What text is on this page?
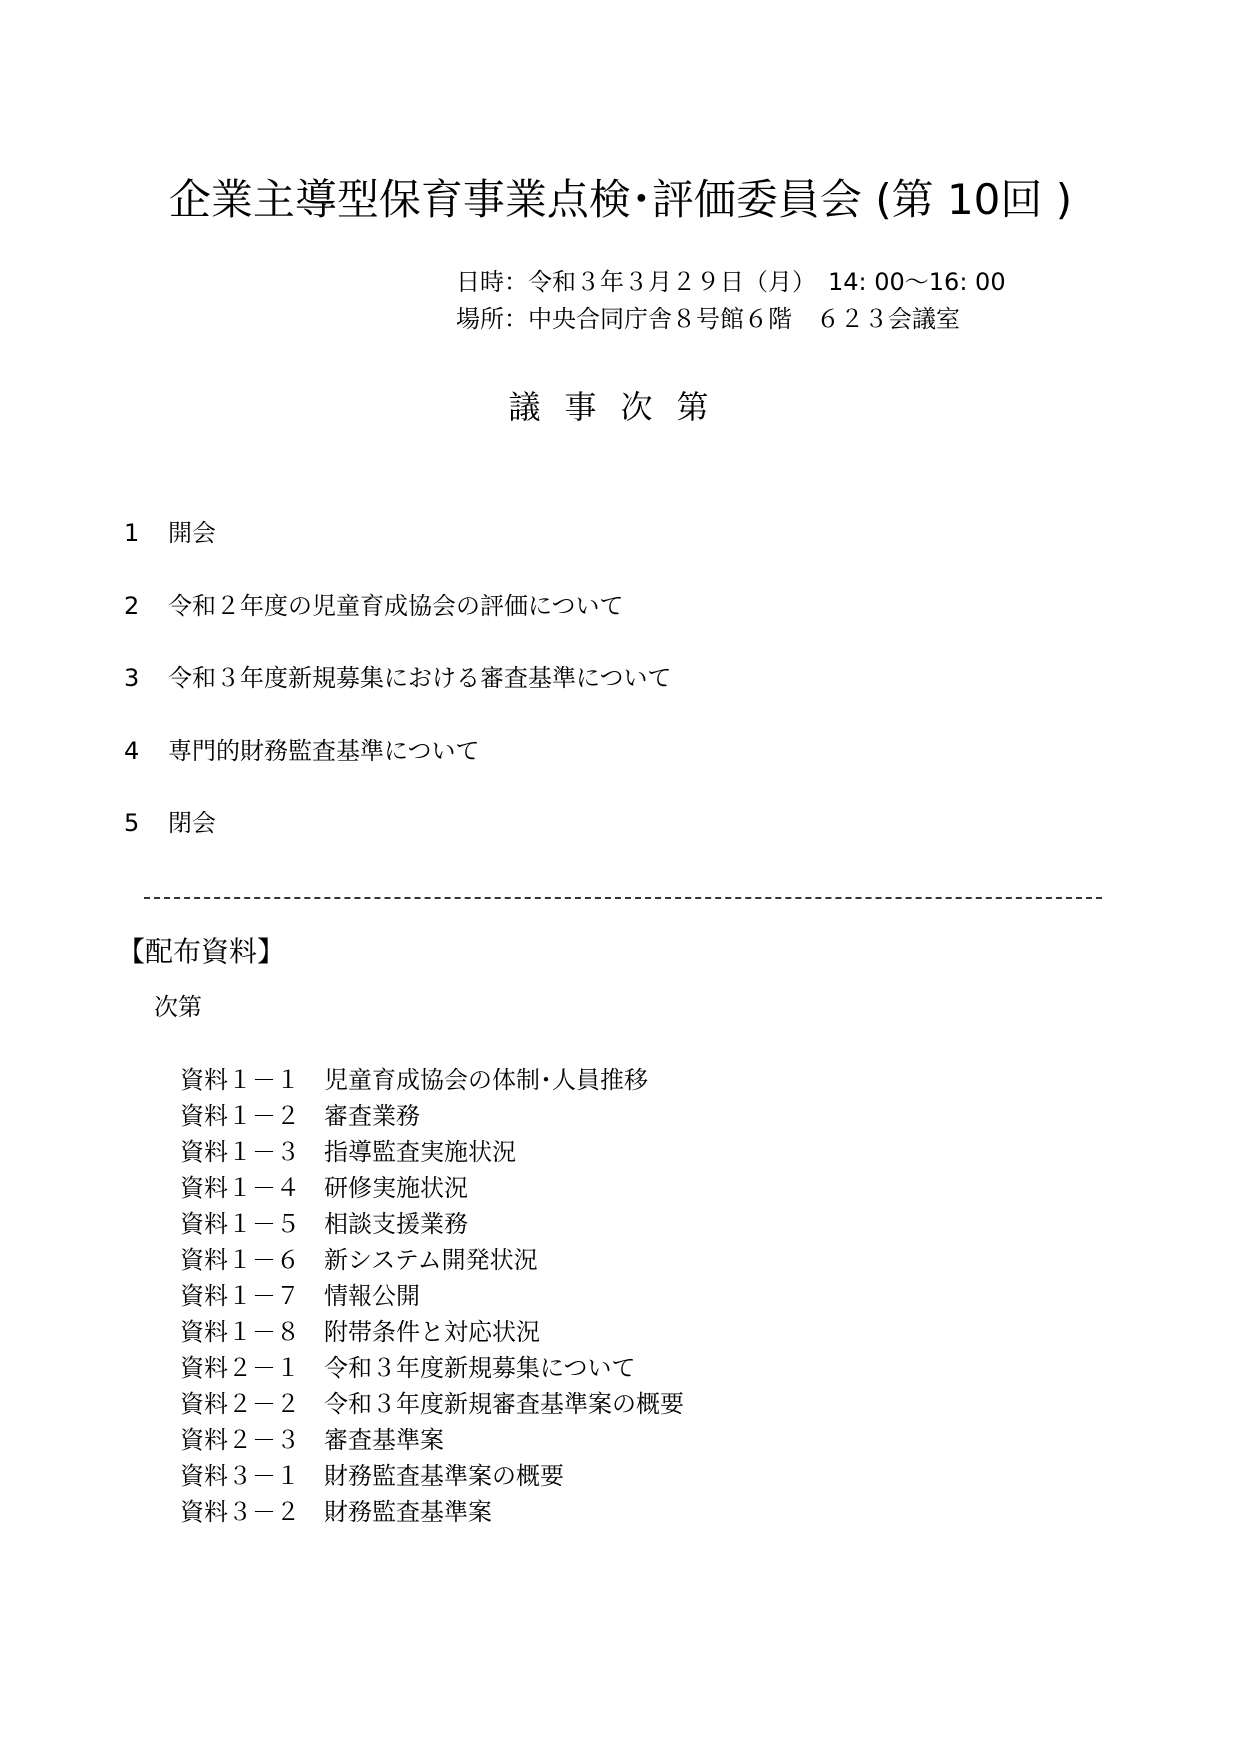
企業主導型保育事業点検･評価委員会 (第 10回 )
日時：令和３年３月２９日（月）　14: 00～16: 00
場所：中央合同庁舎８号館６階　６２３会議室
議事次第
1	開会
2	令和２年度の児童育成協会の評価について
3	令和３年度新規募集における審査基準について
4	専門的財務監査基準について
5	閉会
【配布資料】
次第
資料１－１	児童育成協会の体制･人員推移
資料１－２	審査業務
資料１－３	指導監査実施状況
資料１－４	研修実施状況
資料１－５	相談支援業務
資料１－６	新システム開発状況
資料１－７	情報公開
資料１－８	附帯条件と対応状況
資料２－１	令和３年度新規募集について
資料２－２	令和３年度新規審査基準案の概要
資料２－３	審査基準案
資料３－１	財務監査基準案の概要
資料３－２	財務監査基準案
